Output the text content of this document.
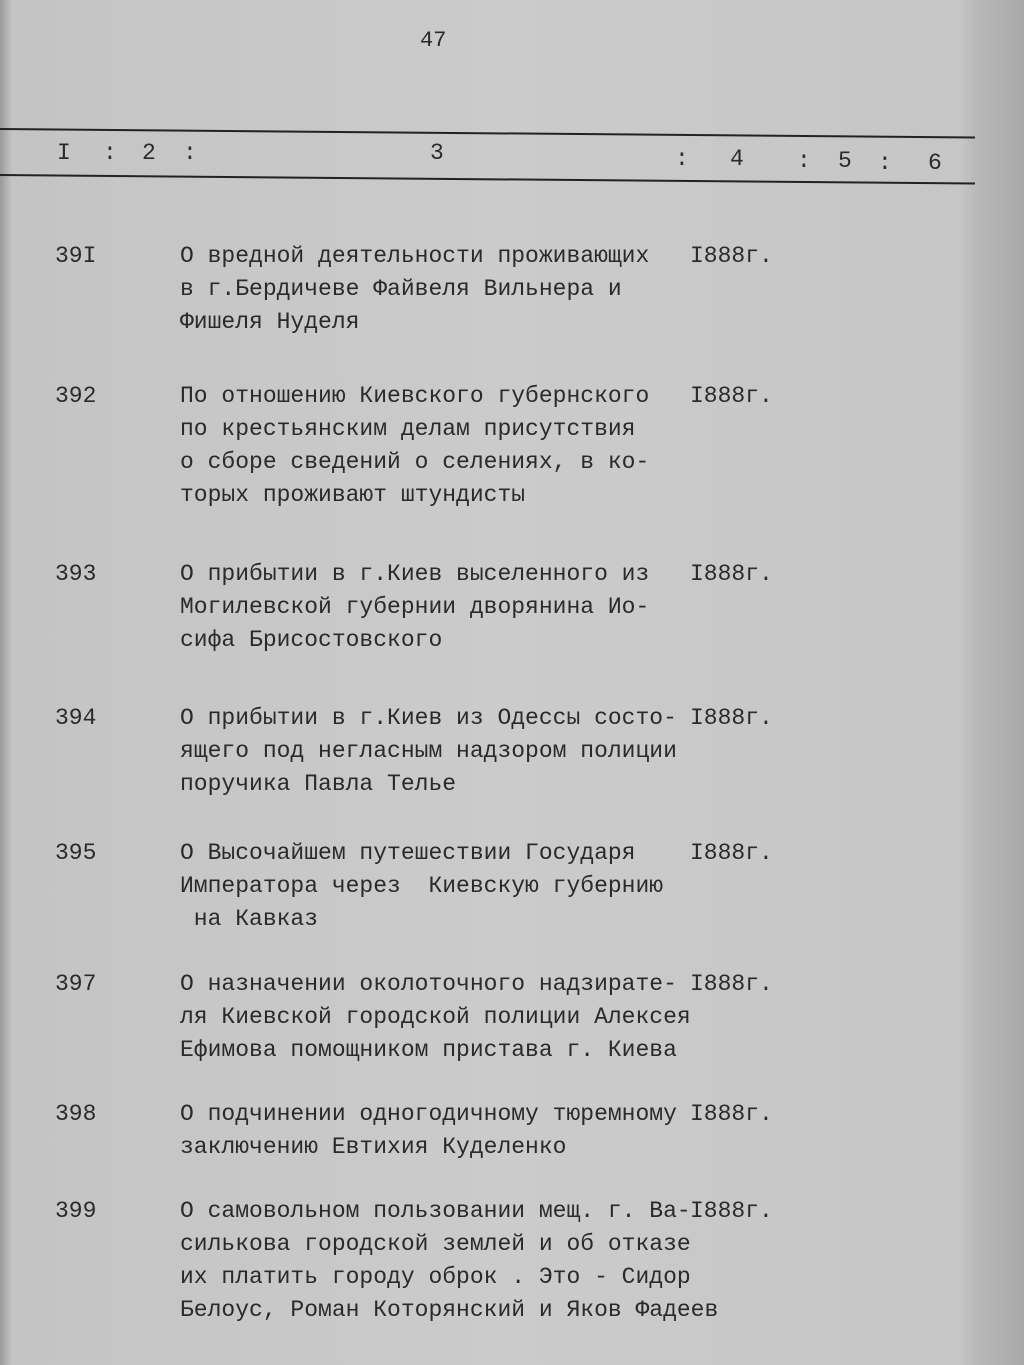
47
I : 2 :	3	: 4 : 5 : 6
39I	О вредной деятельности проживающих
в г.Бердичеве Файвеля Вильнера и
Фишеля Нуделя
I888г.
392	По отношению Киевского губернского
по крестьянским делам присутствия
о сборе сведений о селениях, в ко-
торых проживают штундисты
I888г.
393	О прибытии в г.Киев выселенного из
Могилевской губернии дворянина Ио-
сифа Брисостовского
I888г.
394	О прибытии в г.Киев из Одессы состо-
ящего под негласным надзором полиции
поручика Павла Телье
I888г.
395	О Высочайшем путешествии Государя
Императора через  Киевскую губернию
на Кавказ
I888г.
397	О назначении околоточного надзирате-
ля Киевской городской полиции Алексея
Ефимова помощником пристава г. Киева
I888г.
398	О подчинении одногодичному тюремному
заключению Евтихия Куделенко
I888г.
399	О самовольном пользовании мещ. г. Ва-
силькова городской землей и об отказе
их платить городу оброк . Это - Сидор
Белоус, Роман Которянский и Яков Фадеев
I888г.
